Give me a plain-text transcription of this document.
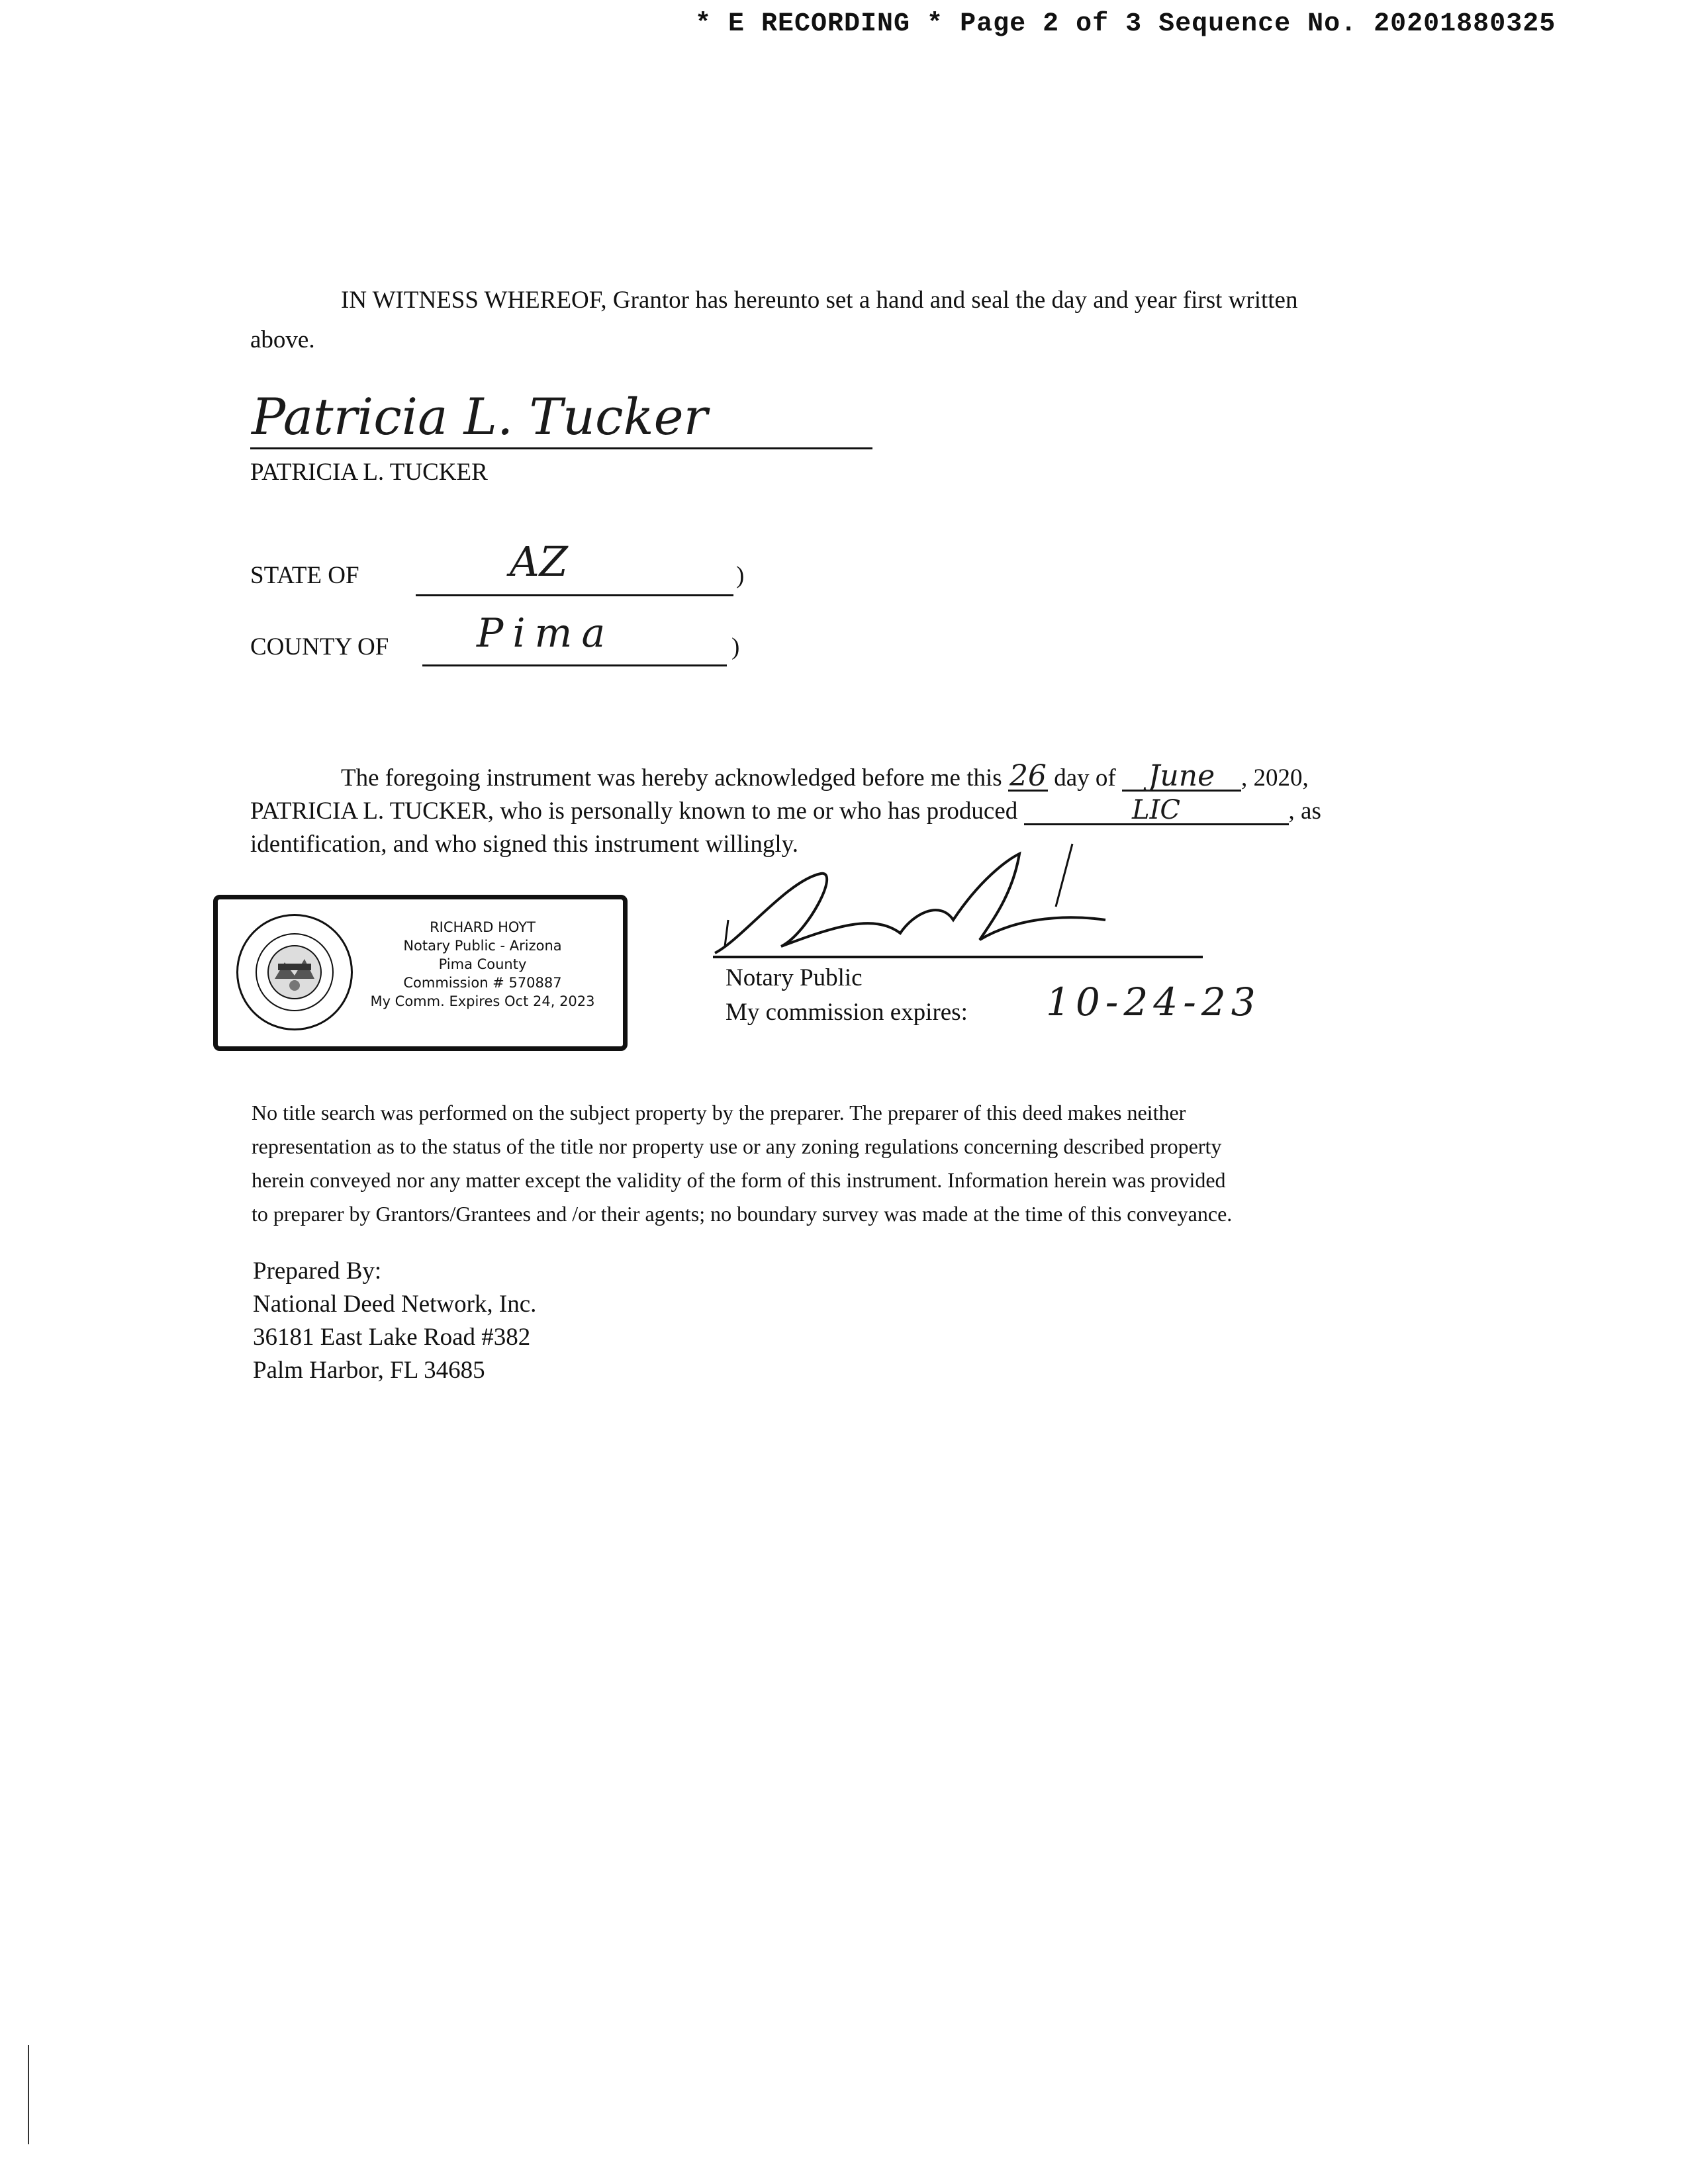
* E RECORDING * Page 2 of 3 Sequence No. 20201880325
IN WITNESS WHEREOF, Grantor has hereunto set a hand and seal the day and year first written
above.
Patricia L. Tucker
PATRICIA L. TUCKER
STATE OF	AZ	)
COUNTY OF Pima	)
The foregoing instrument was hereby acknowledged before me this 26 day of June , 2020,
PATRICIA L. TUCKER, who is personally known to me or who has produced	LIC	, as
identification, and who signed this instrument willingly.
RICHARD HOYT
Notary Public - Arizona
Pima County
Commission # 570887
My Comm. Expires Oct 24, 2023
Notary Public
My commission expires: 10-24-23
No title search was performed on the subject property by the preparer. The preparer of this deed makes neither
representation as to the status of the title nor property use or any zoning regulations concerning described property
herein conveyed nor any matter except the validity of the form of this instrument. Information herein was provided
to preparer by Grantors/Grantees and /or their agents; no boundary survey was made at the time of this conveyance.
Prepared By:
National Deed Network, Inc.
36181 East Lake Road #382
Palm Harbor, FL 34685
